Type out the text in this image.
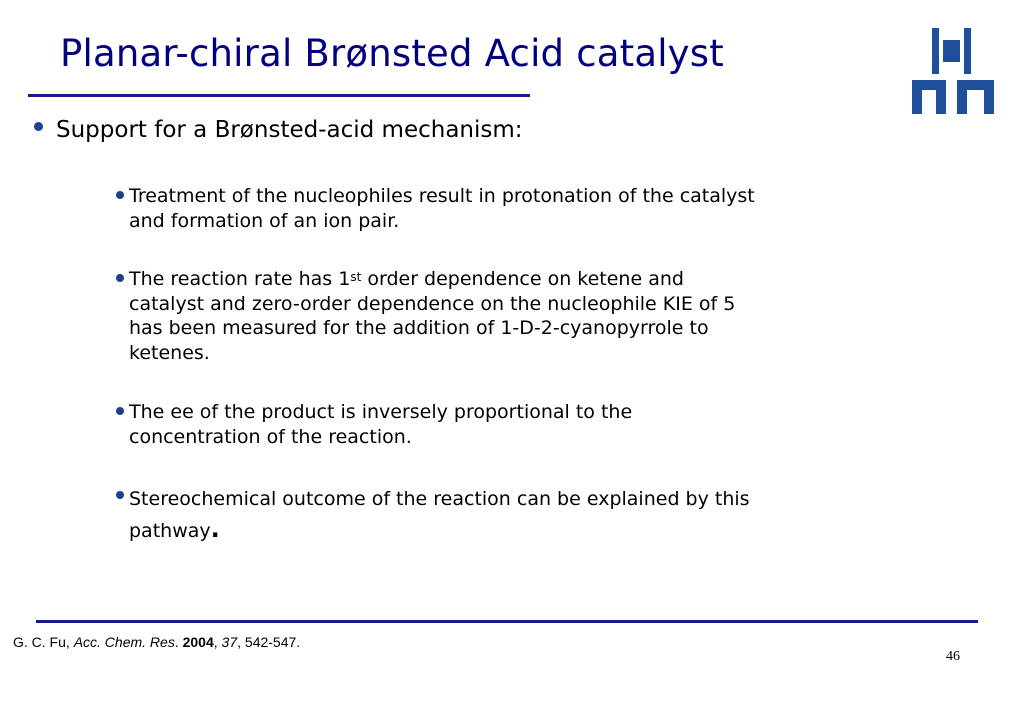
Planar-chiral Brønsted Acid catalyst
Support for a Brønsted-acid mechanism:
Treatment of the nucleophiles result in protonation of the catalyst and formation of an ion pair.
The reaction rate has 1st order dependence on ketene and catalyst and zero-order dependence on the nucleophile KIE of 5 has been measured for the addition of 1-D-2-cyanopyrrole to ketenes.
The ee of the product is inversely proportional to the concentration of the reaction.
Stereochemical outcome of the reaction can be explained by this pathway.
G. C. Fu, Acc. Chem. Res. 2004, 37, 542-547.
46
